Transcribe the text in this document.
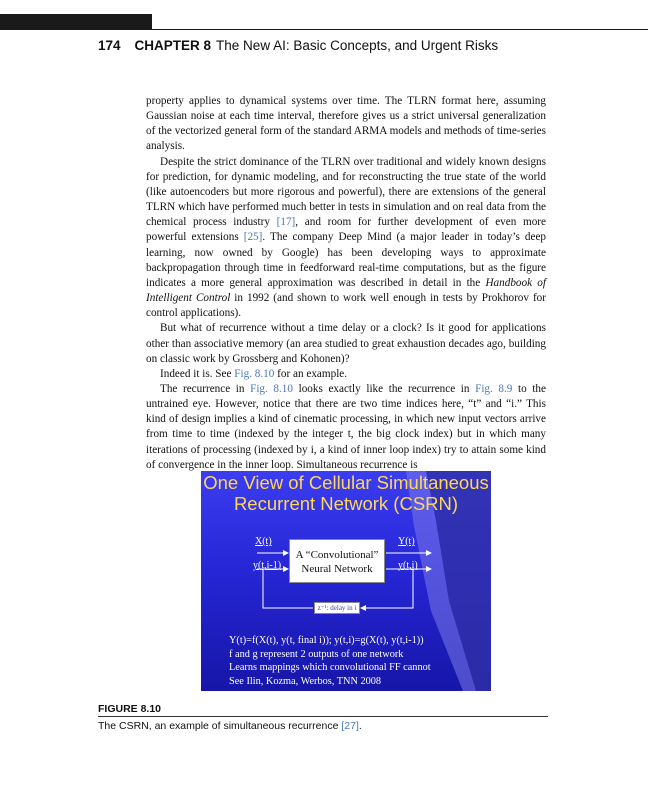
174 CHAPTER 8 The New AI: Basic Concepts, and Urgent Risks

property applies to dynamical systems over time. The TLRN format here, assuming Gaussian noise at each time interval, therefore gives us a strict universal generalization of the vectorized general form of the standard ARMA models and methods of time-series analysis.

Despite the strict dominance of the TLRN over traditional and widely known designs for prediction, for dynamic modeling, and for reconstructing the true state of the world (like autoencoders but more rigorous and powerful), there are extensions of the general TLRN which have performed much better in tests in simulation and on real data from the chemical process industry [17], and room for further development of even more powerful extensions [25]. The company Deep Mind (a major leader in today’s deep learning, now owned by Google) has been developing ways to approximate backpropagation through time in feedforward real-time computations, but as the figure indicates a more general approximation was described in detail in the Handbook of Intelligent Control in 1992 (and shown to work well enough in tests by Prokhorov for control applications).

But what of recurrence without a time delay or a clock? Is it good for applications other than associative memory (an area studied to great exhaustion decades ago, building on classic work by Grossberg and Kohonen)?

Indeed it is. See Fig. 8.10 for an example.

The recurrence in Fig. 8.10 looks exactly like the recurrence in Fig. 8.9 to the untrained eye. However, notice that there are two time indices here, “t” and “i.” This kind of design implies a kind of cinematic processing, in which new input vectors arrive from time to time (indexed by the integer t, the big clock index) but in which many iterations of processing (indexed by i, a kind of inner loop index) try to attain some kind of convergence in the inner loop. Simultaneous recurrence is

One View of Cellular Simultaneous
Recurrent Network (CSRN)
X(t)
y(t,i-1)
Y(t)
y(t,i)
A “Convolutional”
Neural Network
z⁻¹: delay in i
Y(t)=f(X(t), y(t, final i)); y(t,i)=g(X(t), y(t,i-1))
f and g represent 2 outputs of one network
Learns mappings which convolutional FF cannot
See Ilin, Kozma, Werbos, TNN 2008
FIGURE 8.10
The CSRN, an example of simultaneous recurrence [27].
